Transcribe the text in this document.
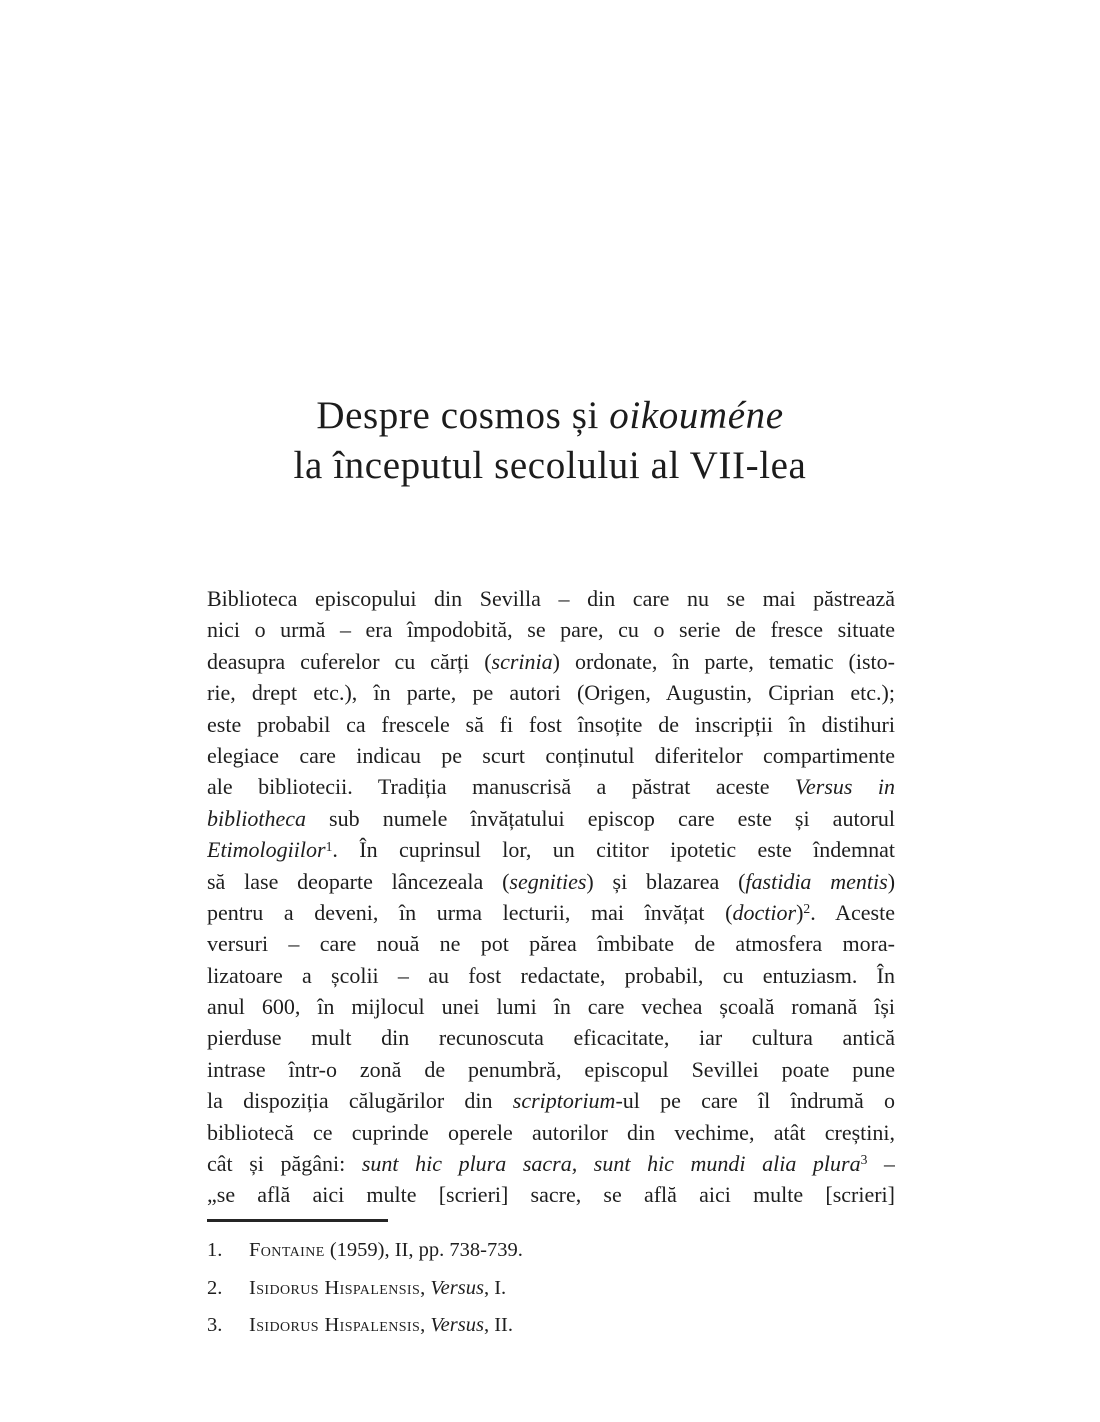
Despre cosmos și oikouméne
la începutul secolului al VII-lea
Biblioteca episcopului din Sevilla – din care nu se mai păstrează
nici o urmă – era împodobită, se pare, cu o serie de fresce situate
deasupra cuferelor cu cărți (scrinia) ordonate, în parte, tematic (isto-
rie, drept etc.), în parte, pe autori (Origen, Augustin, Ciprian etc.);
este probabil ca frescele să fi fost însoțite de inscripții în distihuri
elegiace care indicau pe scurt conținutul diferitelor compartimente
ale bibliotecii. Tradiția manuscrisă a păstrat aceste Versus in
bibliotheca sub numele învățatului episcop care este și autorul
Etimologiilor$^1$. În cuprinsul lor, un cititor ipotetic este îndemnat
să lase deoparte lâncezeala (segnities) și blazarea (fastidia mentis)
pentru a deveni, în urma lecturii, mai învățat (doctior)$^2$. Aceste
versuri – care nouă ne pot părea îmbibate de atmosfera mora-
lizatoare a școlii – au fost redactate, probabil, cu entuziasm. În
anul 600, în mijlocul unei lumi în care vechea școală romană își
pierduse mult din recunoscuta eficacitate, iar cultura antică
intrase într-o zonă de penumbră, episcopul Sevillei poate pune
la dispoziția călugărilor din scriptorium-ul pe care îl îndrumă o
bibliotecă ce cuprinde operele autorilor din vechime, atât creștini,
cât și păgâni: sunt hic plura sacra, sunt hic mundi alia plura$^3$ –
„se află aici multe [scrieri] sacre, se află aici multe [scrieri]
1.	Fontaine (1959), II, pp. 738-739.
2.	Isidorus Hispalensis, Versus, I.
3.	Isidorus Hispalensis, Versus, II.
